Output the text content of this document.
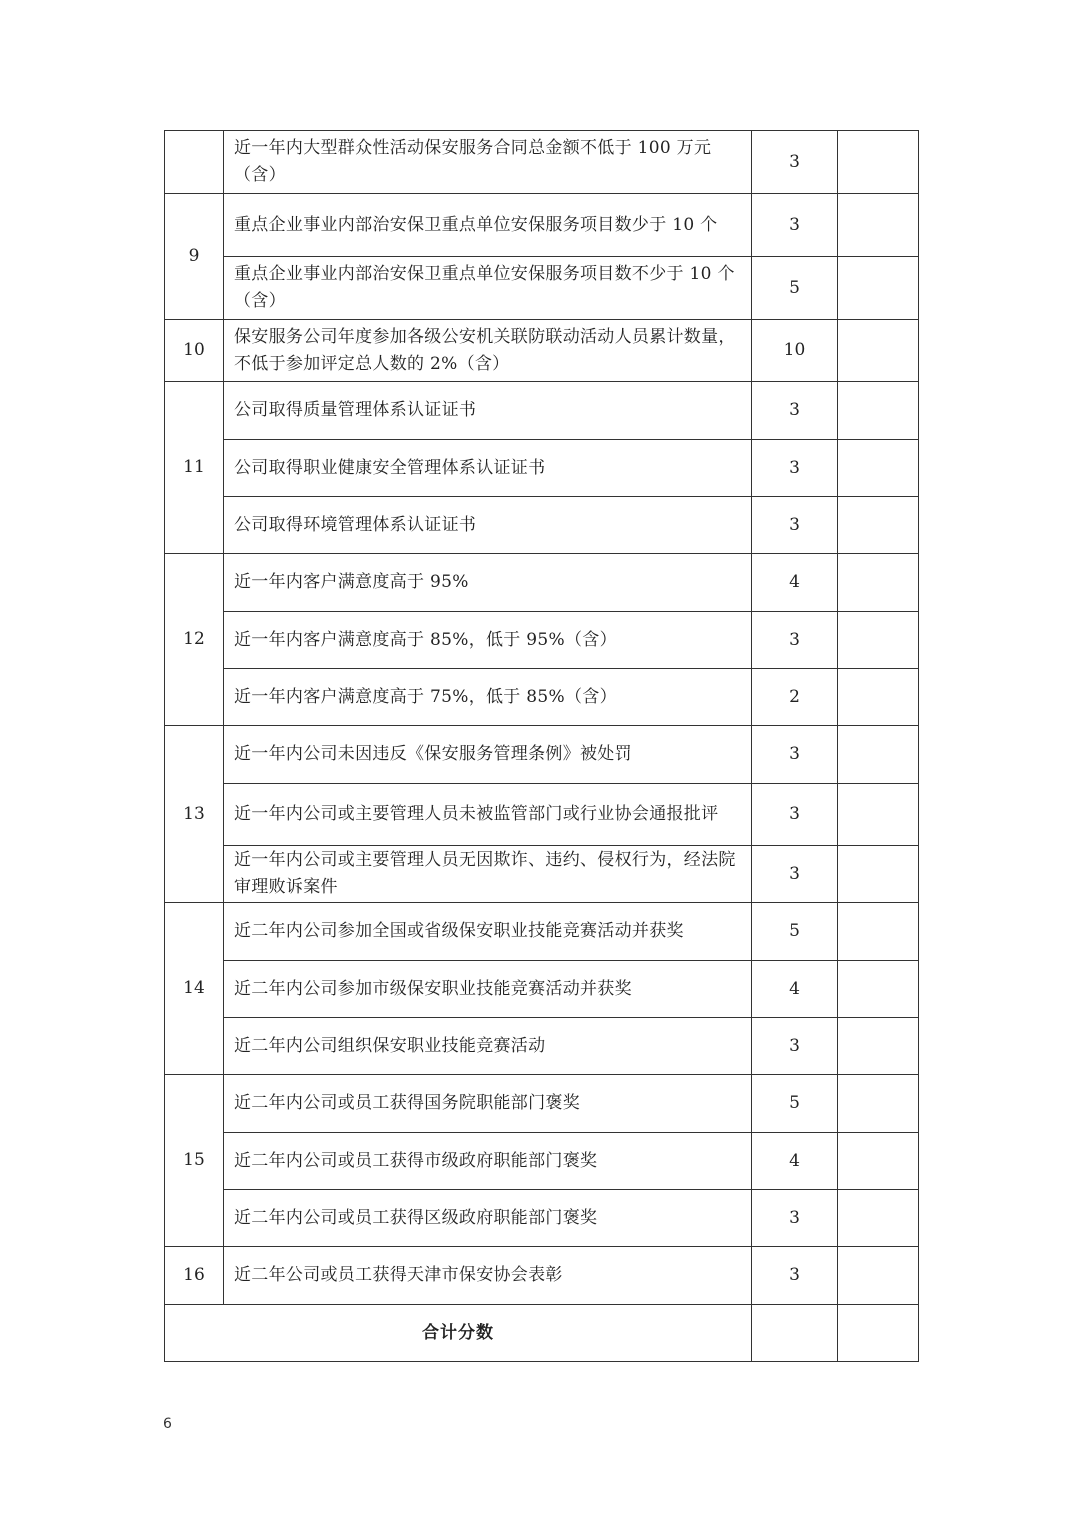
	近一年内大型群众性活动保安服务合同总金额不低于 100 万元（含）	3	
9	重点企业事业内部治安保卫重点单位安保服务项目数少于 10 个	3	
	重点企业事业内部治安保卫重点单位安保服务项目数不少于 10 个（含）	5	
10	保安服务公司年度参加各级公安机关联防联动活动人员累计数量，不低于参加评定总人数的 2%（含）	10	
11	公司取得质量管理体系认证证书	3	
	公司取得职业健康安全管理体系认证证书	3	
	公司取得环境管理体系认证证书	3	
12	近一年内客户满意度高于 95%	4	
	近一年内客户满意度高于 85%，低于 95%（含）	3	
	近一年内客户满意度高于 75%，低于 85%（含）	2	
13	近一年内公司未因违反《保安服务管理条例》被处罚	3	
	近一年内公司或主要管理人员未被监管部门或行业协会通报批评	3	
	近一年内公司或主要管理人员无因欺诈、违约、侵权行为，经法院审理败诉案件	3	
14	近二年内公司参加全国或省级保安职业技能竞赛活动并获奖	5	
	近二年内公司参加市级保安职业技能竞赛活动并获奖	4	
	近二年内公司组织保安职业技能竞赛活动	3	
15	近二年内公司或员工获得国务院职能部门褒奖	5	
	近二年内公司或员工获得市级政府职能部门褒奖	4	
	近二年内公司或员工获得区级政府职能部门褒奖	3	
16	近二年公司或员工获得天津市保安协会表彰	3	
合计分数			
6
